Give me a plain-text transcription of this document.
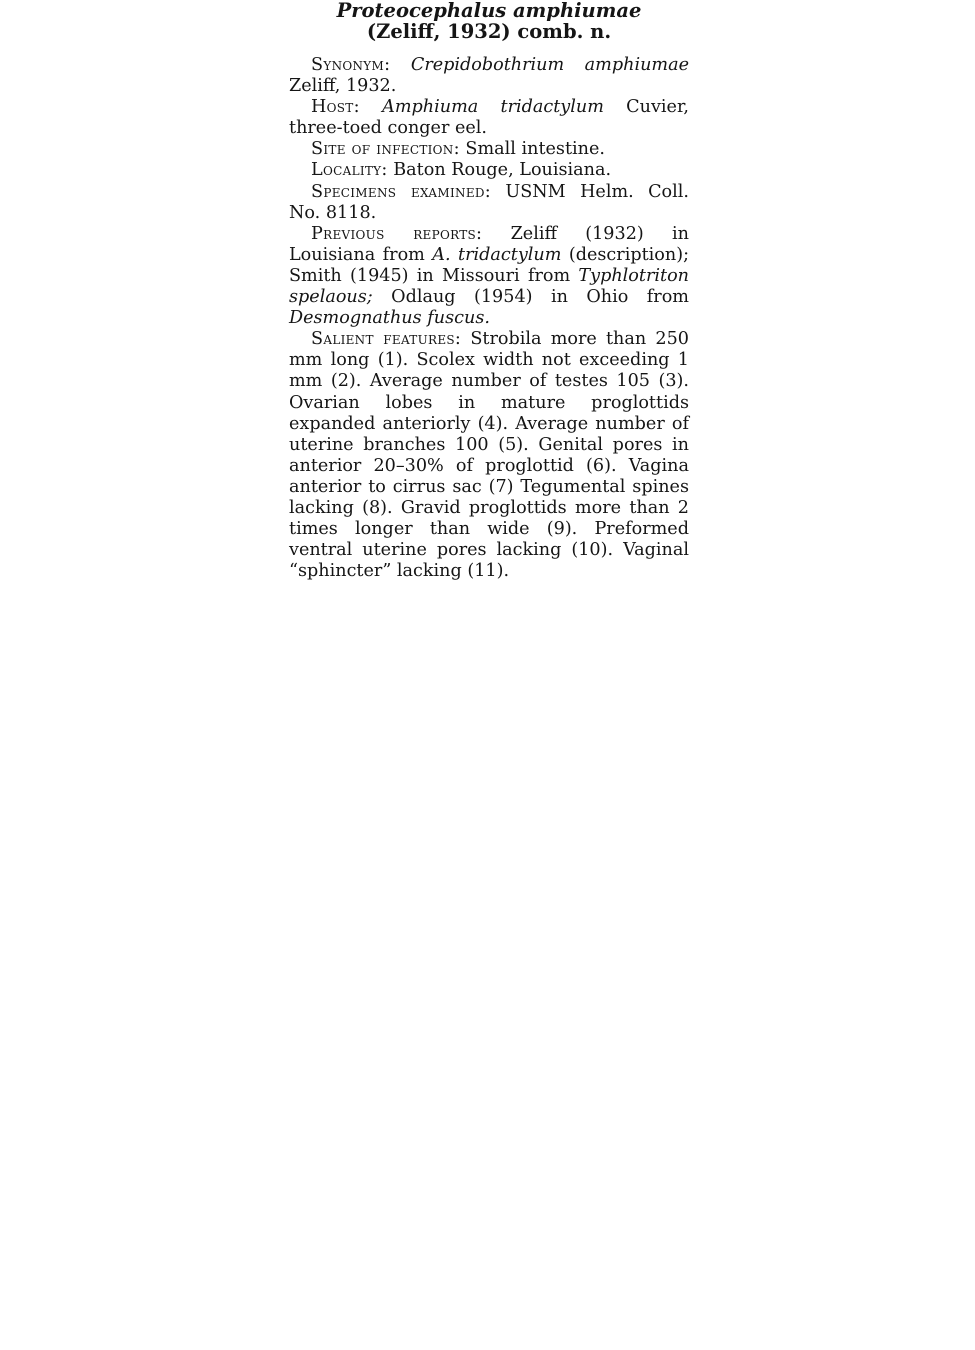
Proteocephalus amphiumae
(Zeliff, 1932) comb. n.

Synonym: Crepidobothrium amphiumae Zeliff, 1932.

Host: Amphiuma tridactylum Cuvier, three-toed conger eel.

Site of infection: Small intestine.

Locality: Baton Rouge, Louisiana.

Specimens examined: USNM Helm. Coll. No. 8118.

Previous reports: Zeliff (1932) in Louisiana from A. tridactylum (description); Smith (1945) in Missouri from Typhlotriton spelaous; Odlaug (1954) in Ohio from Desmognathus fuscus.

Salient features: Strobila more than 250 mm long (1). Scolex width not exceeding 1 mm (2). Average number of testes 105 (3). Ovarian lobes in mature proglottids expanded anteriorly (4). Average number of uterine branches 100 (5). Genital pores in anterior 20–30% of proglottid (6). Vagina anterior to cirrus sac (7) Tegumental spines lacking (8). Gravid proglottids more than 2 times longer than wide (9). Preformed ventral uterine pores lacking (10). Vaginal “sphincter” lacking (11).
